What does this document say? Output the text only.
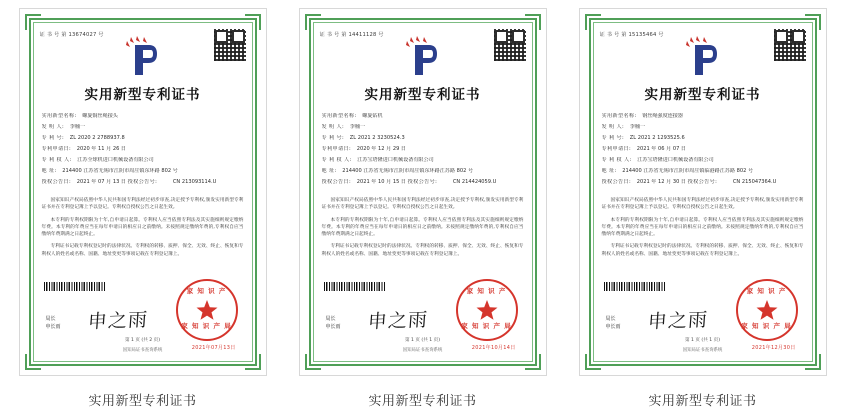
证 书 号 第 13674027 号
实用新型专利证书
实用新型名称: 螺旋铜丝绳接头
发 明 人: 李楠一
专 利 号: ZL 2020 2 2788937.8
专利申请日: 2020 年 11 月 26 日
专 利 权 人: 江苏全球机进口机械设备有限公司
地 址: 214400 江苏省无锡市江阴市周庄镇东环路 802 号
授权公告日: 2021 年 07 月 13 日 授权公告号:	CN 213093114.U
国家知识产权局依照中华人民共和国专利法经过初步审查,决定授予专利权,颁发实用新型专利证书并在专利登记簿上予以登记。专利权自授权公告之日起生效。
本专利的专利权期限为十年,自申请日起算。专利权人应当依照专利法及其实施细则规定缴纳年费。本专利的年费应当在每年申请日的相应日之前缴纳。未按照规定缴纳年费的,专利权自应当缴纳年费期满之日起终止。
专利证书记载专利权登记时的法律状况。专利权的转移、质押、保全、无效、终止、恢复和专利权人的姓名或名称、国籍、地址变更等事项记载在专利登记簿上。
局长
申长雨 申之雨
家 知 识 产
家 知 识 产 局
2021年07月13日
第 1 页 (共 2 页)
国知局证书查询系统
实用新型专利证书
证 书 号 第 14411128 号
实用新型专利证书
实用新型名称: 螺旋钻机
发 明 人: 李楠一
专 利 号: ZL 2021 2 3230524.3
专利申请日: 2020 年 12 月 29 日
专 利 权 人: 江苏宝塔隆进口机械设备有限公司
地 址: 214400 江苏省无锡市江阴市周庄镇东环路江苏路 802 号
授权公告日: 2021 年 10 月 15 日 授权公告号:	CN 214424059.U
国家知识产权局依照中华人民共和国专利法经过初步审查,决定授予专利权,颁发实用新型专利证书并在专利登记簿上予以登记。专利权自授权公告之日起生效。
本专利的专利权期限为十年,自申请日起算。专利权人应当依照专利法及其实施细则规定缴纳年费。本专利的年费应当在每年申请日的相应日之前缴纳。未按照规定缴纳年费的,专利权自应当缴纳年费期满之日起终止。
专利证书记载专利权登记时的法律状况。专利权的转移、质押、保全、无效、终止、恢复和专利权人的姓名或名称、国籍、地址变更等事项记载在专利登记簿上。
局长
申长雨 申之雨
家 知 识 产
家 知 识 产 局
2021年10月14日
第 1 页 (共 1 页)
国知局证书查询系统
实用新型专利证书
证 书 号 第 15135464 号
实用新型专利证书
实用新型名称: 钢丝绳强度连接器
发 明 人: 李楠一
专 利 号: ZL 2021 2 1293525.6
专利申请日: 2021 年 06 月 07 日
专 利 权 人: 江苏宝塔隆进口机械设备有限公司
地 址: 214400 江苏省无锡市江阴市周庄镇临港路江苏路 802 号
授权公告日: 2021 年 12 月 30 日 授权公告号:	CN 215047364.U
国家知识产权局依照中华人民共和国专利法经过初步审查,决定授予专利权,颁发实用新型专利证书并在专利登记簿上予以登记。专利权自授权公告之日起生效。
本专利的专利权期限为十年,自申请日起算。专利权人应当依照专利法及其实施细则规定缴纳年费。本专利的年费应当在每年申请日的相应日之前缴纳。未按照规定缴纳年费的,专利权自应当缴纳年费期满之日起终止。
专利证书记载专利权登记时的法律状况。专利权的转移、质押、保全、无效、终止、恢复和专利权人的姓名或名称、国籍、地址变更等事项记载在专利登记簿上。
局长
申长雨 申之雨
家 知 识 产
家 知 识 产 局
2021年12月30日
第 1 页 (共 1 页)
国知局证书查询系统
实用新型专利证书
